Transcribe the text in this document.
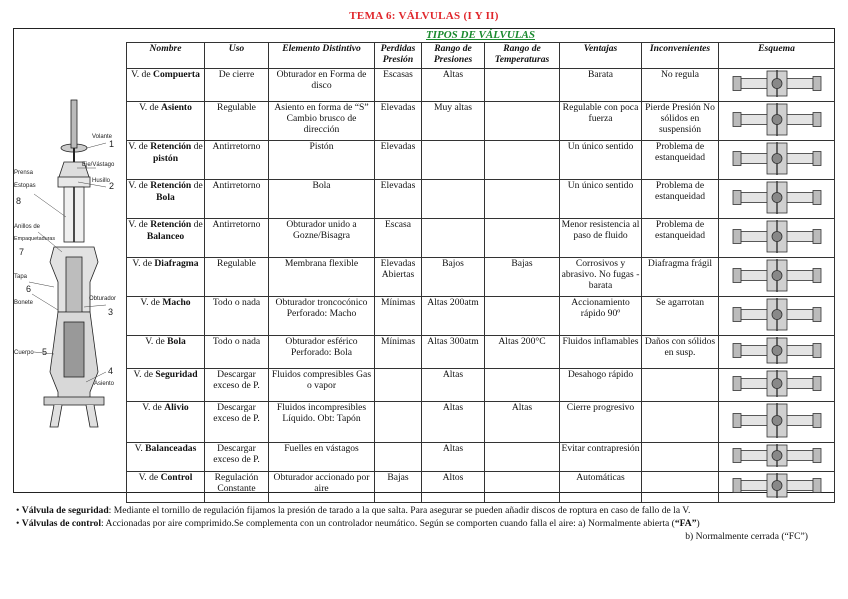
TEMA 6: VÁLVULAS (I Y II)
TIPOS DE VÁLVULAS
Volante
1
Eje/Vástago
Husillo
2
Prensa
Estopas
8
Anillos de
Empaquetaduras
7
Tapa
6
Bonete
Obturador
3
Cuerpo 5
4
Asiento
Nombre	Uso	Elemento Distintivo	Perdidas Presión	Rango de Presiones	Rango de Temperaturas	Ventajas	Inconvenientes	Esquema
V. de Compuerta	De cierre	Obturador en Forma de disco	Escasas	Altas		Barata	No regula	

V. de Asiento	Regulable	Asiento en forma de “S” Cambio brusco de dirección	Elevadas	Muy altas		Regulable con poca fuerza	Pierde Presión No sólidos en suspensión	

V. de Retención de
pistón	Antirretorno	Pistón	Elevadas			Un único sentido	Problema de estanqueidad	

V. de Retención de
Bola	Antirretorno	Bola	Elevadas			Un único sentido	Problema de estanqueidad	

V. de Retención de
Balanceo	Antirretorno	Obturador unido a Gozne/Bisagra	Escasa			Menor resistencia al paso de fluido	Problema de estanqueidad	

V. de Diafragma	Regulable	Membrana flexible	Elevadas Abiertas	Bajos	Bajas	Corrosivos y abrasivo. No fugas -barata	Diafragma frágil	

V. de Macho	Todo o nada	Obturador troncocónico Perforado: Macho	Mínimas	Altas 200atm		Accionamiento rápido 90º	Se agarrotan	

V. de Bola	Todo o nada	Obturador esférico Perforado: Bola	Mínimas	Altas 300atm	Altas 200°C	Fluidos inflamables	Daños con sólidos en susp.	

V. de Seguridad	Descargar exceso de P.	Fluidos compresibles Gas o vapor		Altas		Desahogo rápido		

V. de Alivio	Descargar exceso de P.	Fluidos incompresibles Líquido. Obt: Tapón		Altas	Altas	Cierre progresivo		

V. Balanceadas	Descargar exceso de P.	Fuelles en vástagos		Altas		Evitar contrapresión		

V. de Control	Regulación Constante	Obturador accionado por aire	Bajas	Altos		Automáticas		
• Válvula de seguridad: Mediante el tornillo de regulación fijamos la presión de tarado a la que salta. Para asegurar se pueden añadir discos de roptura en caso de fallo de la V.
• Válvulas de control: Accionadas por aire comprimido.Se complementa con un controlador neumático. Según se comporten cuando falla el aire: a) Normalmente abierta (“FA”)
b) Normalmente cerrada (“FC”)
